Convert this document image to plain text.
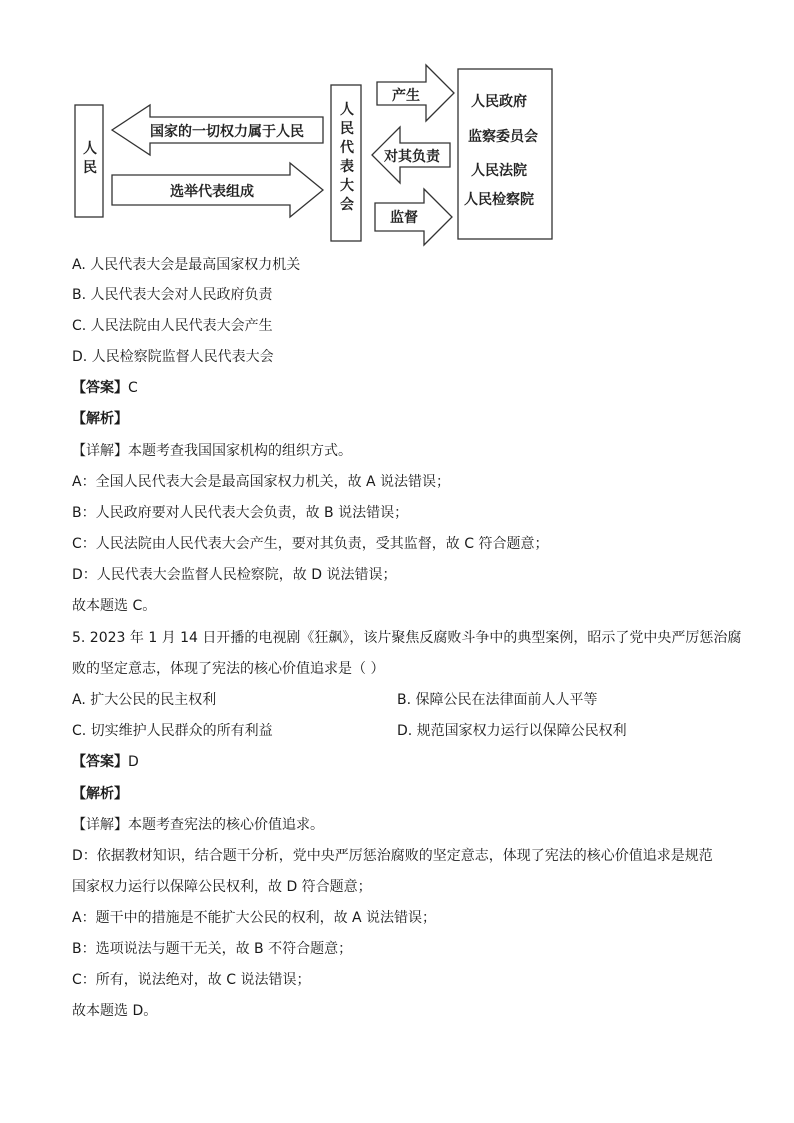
人民
人民代表大会
国家的一切权力属于人民
选举代表组成
产生
对其负责
监督
人民政府
监察委员会
人民法院
人民检察院
A. 人民代表大会是最高国家权力机关
B. 人民代表大会对人民政府负责
C. 人民法院由人民代表大会产生
D. 人民检察院监督人民代表大会
【答案】C
【解析】
【详解】本题考查我国国家机构的组织方式。
A：全国人民代表大会是最高国家权力机关，故 A 说法错误；
B：人民政府要对人民代表大会负责，故 B 说法错误；
C：人民法院由人民代表大会产生，要对其负责，受其监督，故 C 符合题意；
D：人民代表大会监督人民检察院，故 D 说法错误；
故本题选 C。
5. 2023 年 1 月 14 日开播的电视剧《狂飙》，该片聚焦反腐败斗争中的典型案例，昭示了党中央严厉惩治腐
败的坚定意志，体现了宪法的核心价值追求是（ ）
A. 扩大公民的民主权利	B. 保障公民在法律面前人人平等
C. 切实维护人民群众的所有利益	D. 规范国家权力运行以保障公民权利
【答案】D
【解析】
【详解】本题考查宪法的核心价值追求。
D：依据教材知识，结合题干分析，党中央严厉惩治腐败的坚定意志，体现了宪法的核心价值追求是规范
国家权力运行以保障公民权利，故 D 符合题意；
A：题干中的措施是不能扩大公民的权利，故 A 说法错误；
B：选项说法与题干无关，故 B 不符合题意；
C：所有，说法绝对，故 C 说法错误；
故本题选 D。
